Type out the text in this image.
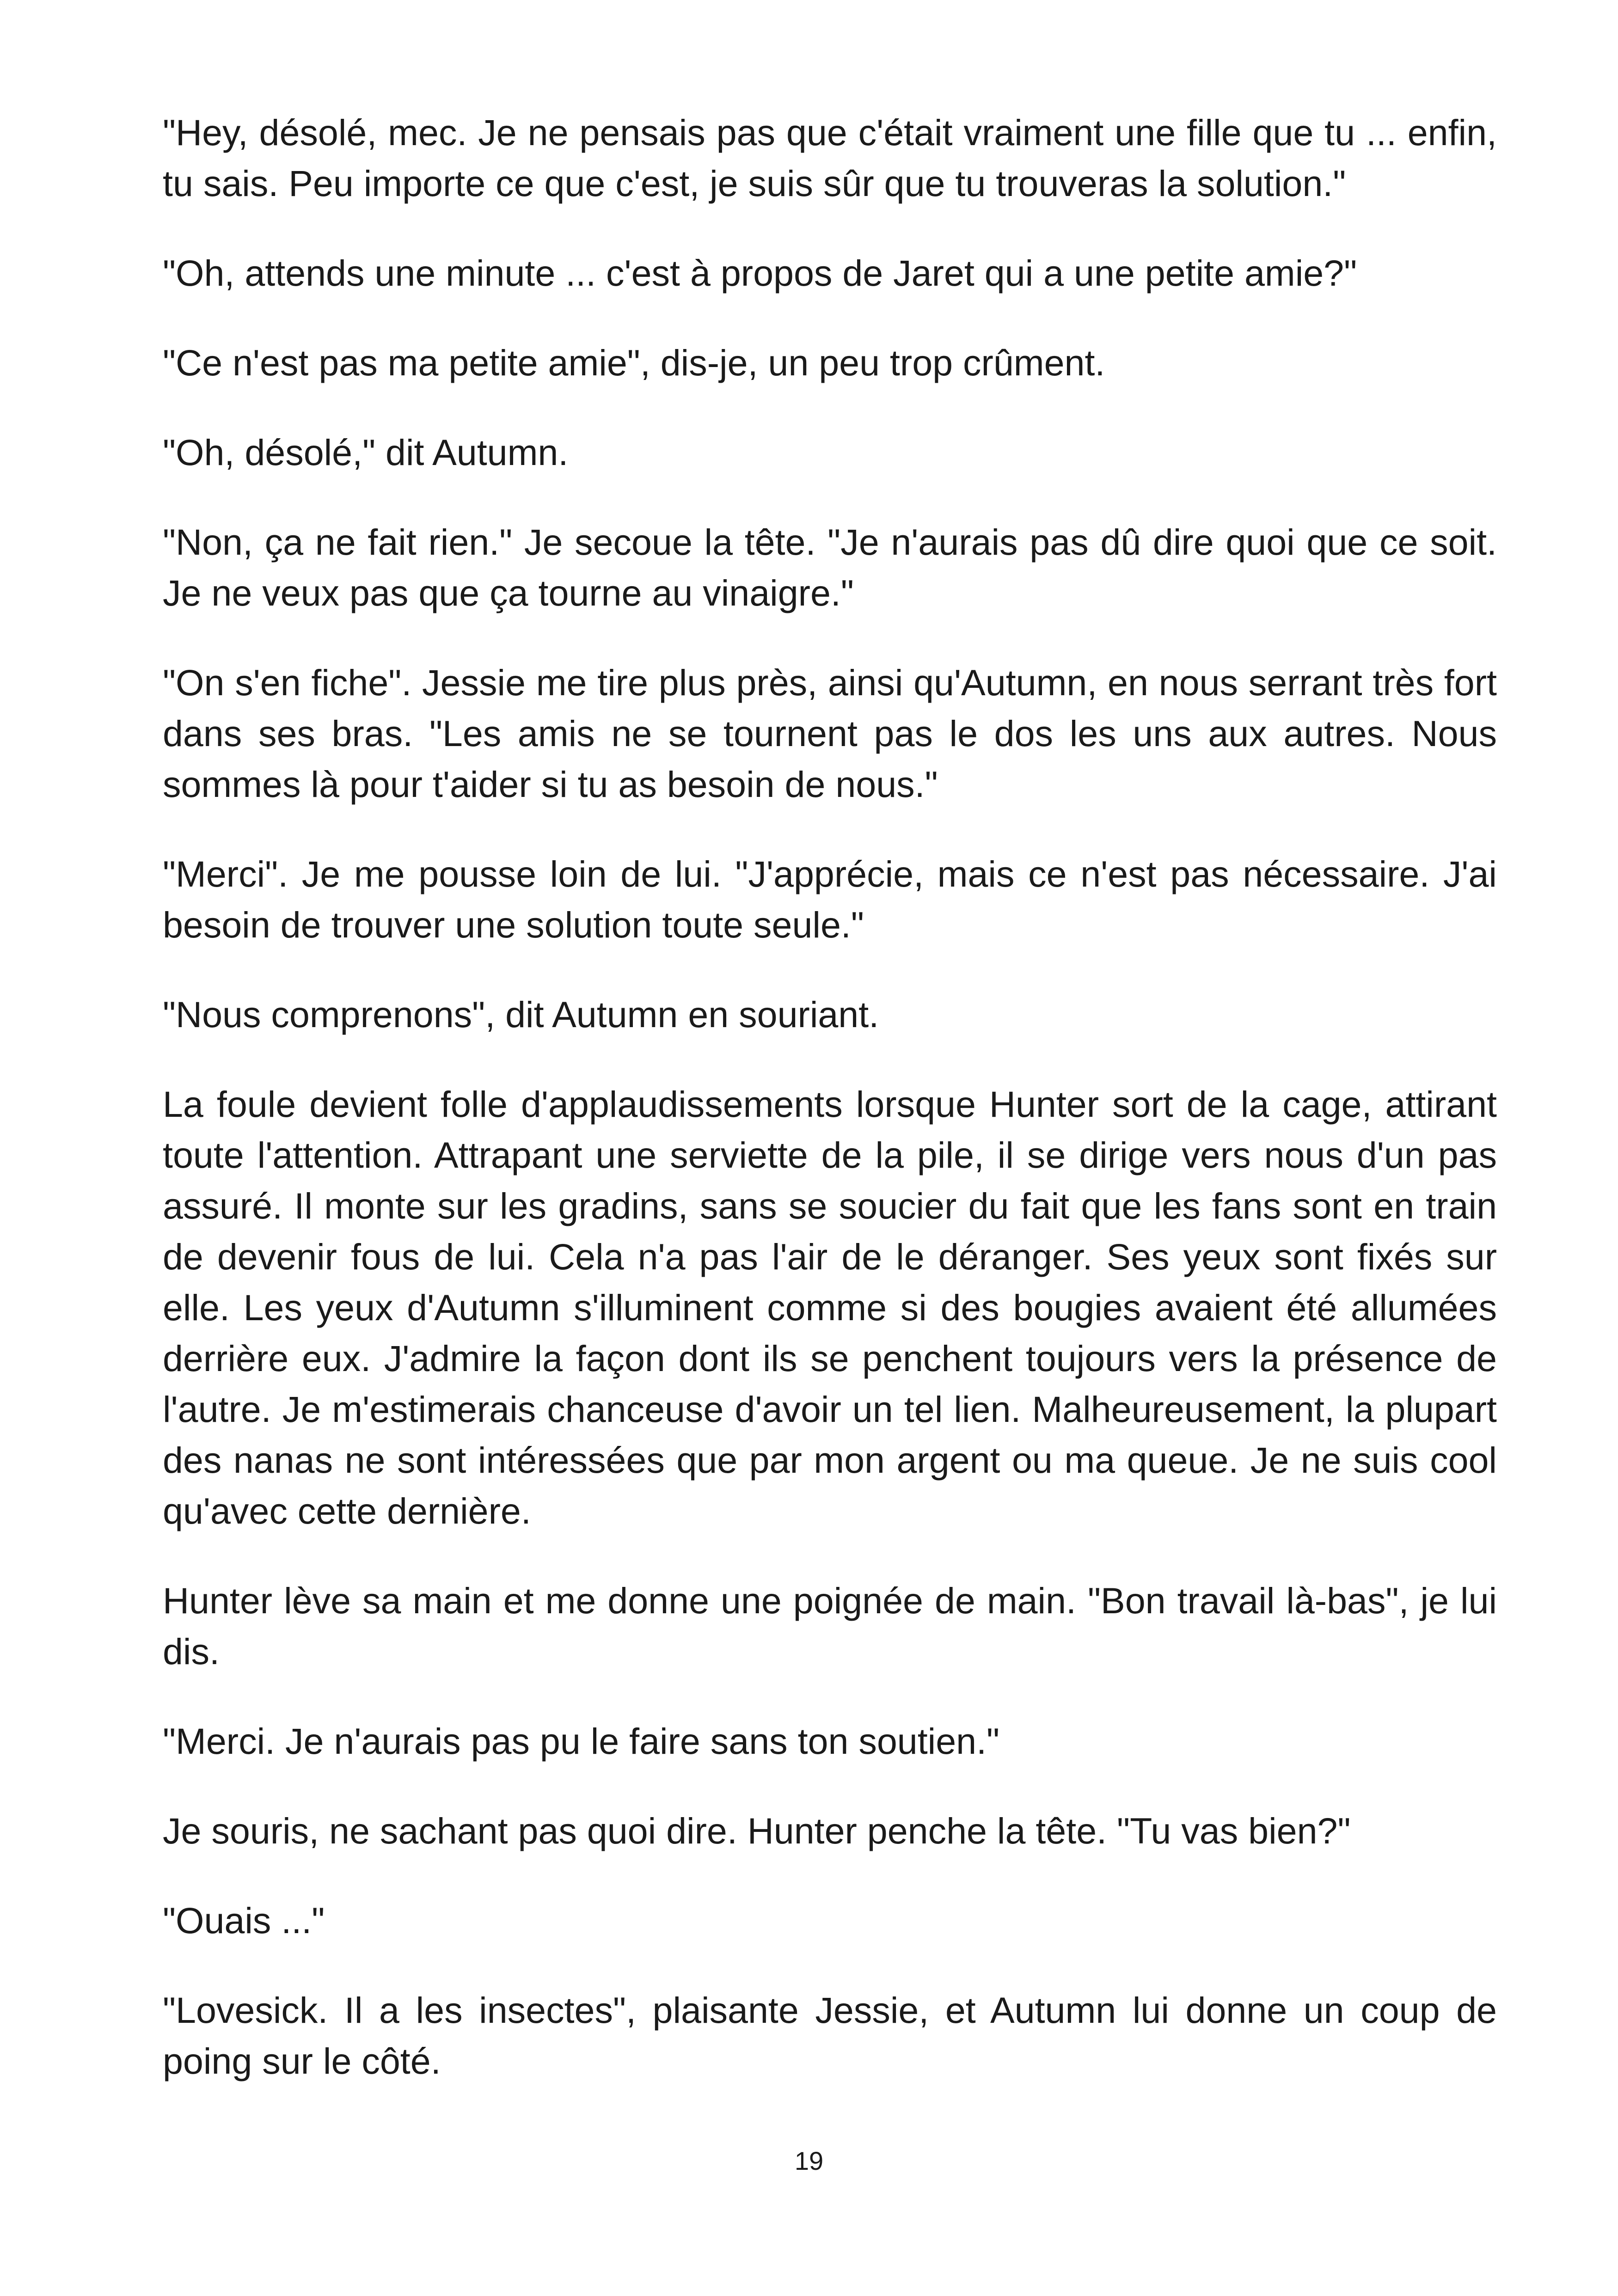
"Hey, désolé, mec. Je ne pensais pas que c'était vraiment une fille que tu ... enfin, tu sais. Peu importe ce que c'est, je suis sûr que tu trouveras la solution."

"Oh, attends une minute ... c'est à propos de Jaret qui a une petite amie?"

"Ce n'est pas ma petite amie", dis-je, un peu trop crûment.

"Oh, désolé," dit Autumn.

"Non, ça ne fait rien." Je secoue la tête. "Je n'aurais pas dû dire quoi que ce soit. Je ne veux pas que ça tourne au vinaigre."

"On s'en fiche". Jessie me tire plus près, ainsi qu'Autumn, en nous serrant très fort dans ses bras. "Les amis ne se tournent pas le dos les uns aux autres. Nous sommes là pour t'aider si tu as besoin de nous."

"Merci". Je me pousse loin de lui. "J'apprécie, mais ce n'est pas nécessaire. J'ai besoin de trouver une solution toute seule."

"Nous comprenons", dit Autumn en souriant.

La foule devient folle d'applaudissements lorsque Hunter sort de la cage, attirant toute l'attention. Attrapant une serviette de la pile, il se dirige vers nous d'un pas assuré. Il monte sur les gradins, sans se soucier du fait que les fans sont en train de devenir fous de lui. Cela n'a pas l'air de le déranger. Ses yeux sont fixés sur elle. Les yeux d'Autumn s'illuminent comme si des bougies avaient été allumées derrière eux. J'admire la façon dont ils se penchent toujours vers la présence de l'autre. Je m'estimerais chanceuse d'avoir un tel lien. Malheureusement, la plupart des nanas ne sont intéressées que par mon argent ou ma queue. Je ne suis cool qu'avec cette dernière.

Hunter lève sa main et me donne une poignée de main. "Bon travail là-bas", je lui dis.

"Merci. Je n'aurais pas pu le faire sans ton soutien."

Je souris, ne sachant pas quoi dire. Hunter penche la tête. "Tu vas bien?"

"Ouais ..."

"Lovesick. Il a les insectes", plaisante Jessie, et Autumn lui donne un coup de poing sur le côté.

19
